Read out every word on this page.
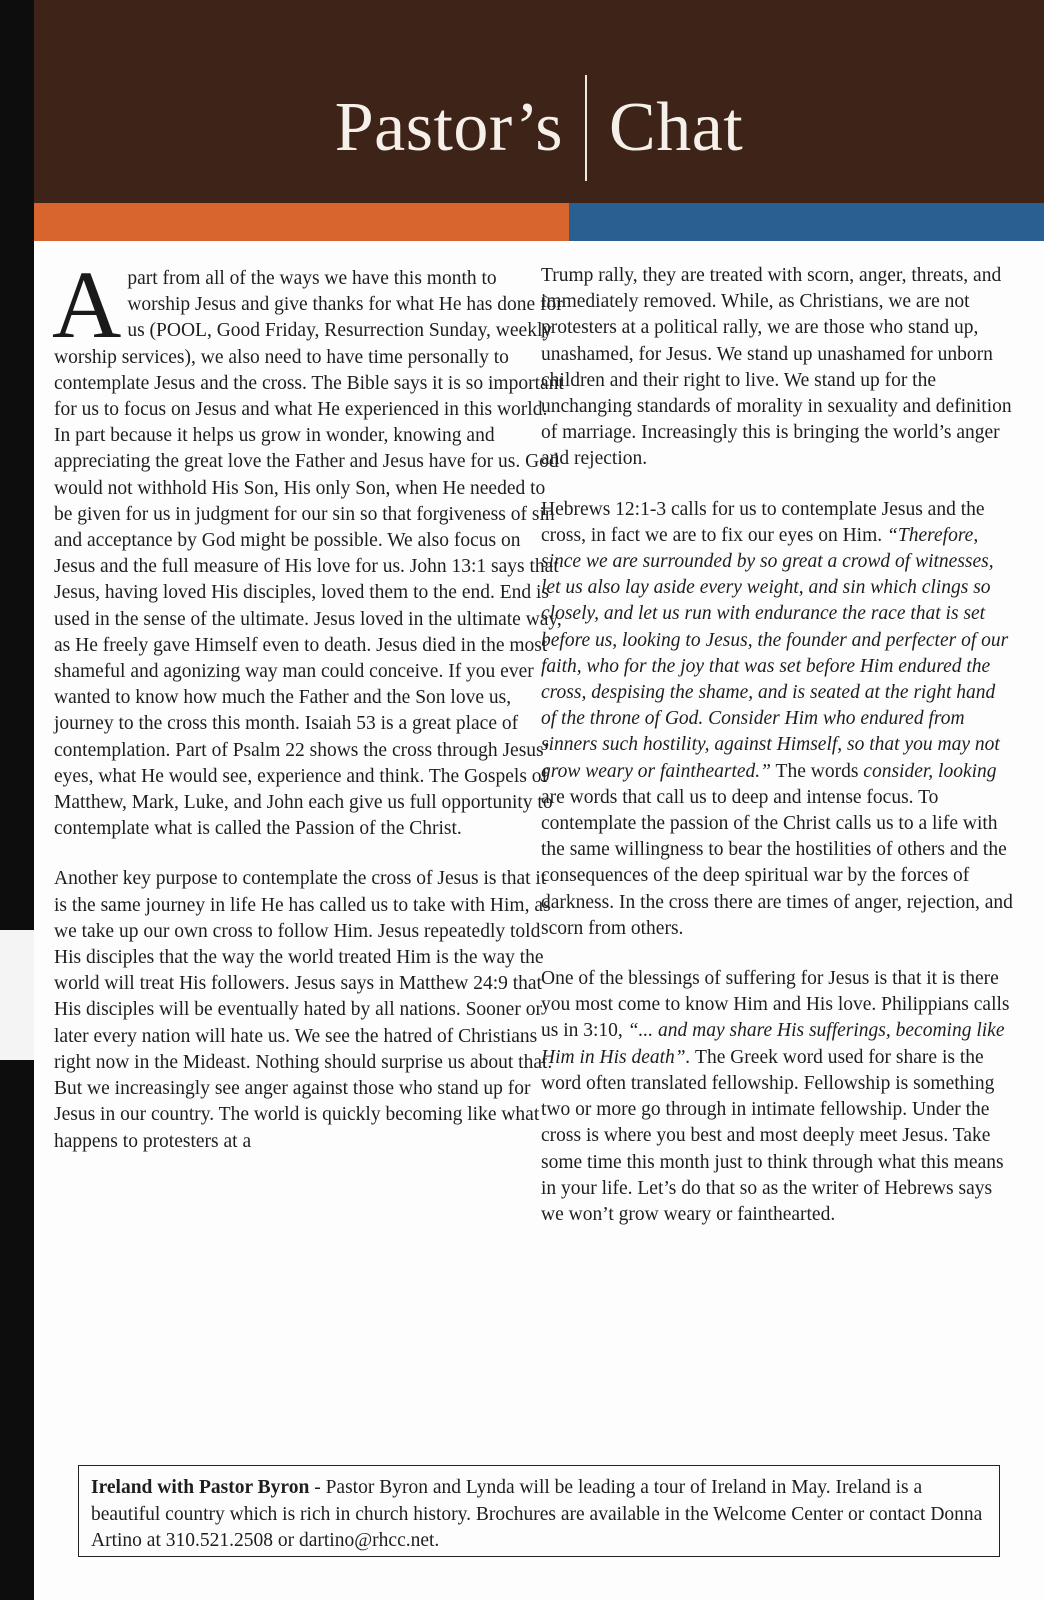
Pastor’s Chat

Apart from all of the ways we have this month to worship Jesus and give thanks for what He has done for us (POOL, Good Friday, Resurrection Sunday, weekly worship services), we also need to have time personally to contemplate Jesus and the cross. The Bible says it is so important for us to focus on Jesus and what He experienced in this world. In part because it helps us grow in wonder, knowing and appreciating the great love the Father and Jesus have for us. God would not withhold His Son, His only Son, when He needed to be given for us in judgment for our sin so that forgiveness of sin and acceptance by God might be possible. We also focus on Jesus and the full measure of His love for us. John 13:1 says that Jesus, having loved His disciples, loved them to the end. End is used in the sense of the ultimate. Jesus loved in the ultimate way, as He freely gave Himself even to death. Jesus died in the most shameful and agonizing way man could conceive. If you ever wanted to know how much the Father and the Son love us, journey to the cross this month. Isaiah 53 is a great place of contemplation. Part of Psalm 22 shows the cross through Jesus’ eyes, what He would see, experience and think. The Gospels of Matthew, Mark, Luke, and John each give us full opportunity to contemplate what is called the Passion of the Christ.

Another key purpose to contemplate the cross of Jesus is that it is the same journey in life He has called us to take with Him, as we take up our own cross to follow Him. Jesus repeatedly told His disciples that the way the world treated Him is the way the world will treat His followers. Jesus says in Matthew 24:9 that His disciples will be eventually hated by all nations. Sooner or later every nation will hate us. We see the hatred of Christians right now in the Mideast. Nothing should surprise us about that. But we increasingly see anger against those who stand up for Jesus in our country. The world is quickly becoming like what happens to protesters at a

Trump rally, they are treated with scorn, anger, threats, and immediately removed. While, as Christians, we are not protesters at a political rally, we are those who stand up, unashamed, for Jesus. We stand up unashamed for unborn children and their right to live. We stand up for the unchanging standards of morality in sexuality and definition of marriage. Increasingly this is bringing the world’s anger and rejection.

Hebrews 12:1-3 calls for us to contemplate Jesus and the cross, in fact we are to fix our eyes on Him. “Therefore, since we are surrounded by so great a crowd of witnesses, let us also lay aside every weight, and sin which clings so closely, and let us run with endurance the race that is set before us, looking to Jesus, the founder and perfecter of our faith, who for the joy that was set before Him endured the cross, despising the shame, and is seated at the right hand of the throne of God. Consider Him who endured from sinners such hostility, against Himself, so that you may not grow weary or fainthearted.” The words consider, looking are words that call us to deep and intense focus. To contemplate the passion of the Christ calls us to a life with the same willingness to bear the hostilities of others and the consequences of the deep spiritual war by the forces of darkness. In the cross there are times of anger, rejection, and scorn from others.

One of the blessings of suffering for Jesus is that it is there you most come to know Him and His love. Philippians calls us in 3:10, “... and may share His sufferings, becoming like Him in His death”. The Greek word used for share is the word often translated fellowship. Fellowship is something two or more go through in intimate fellowship. Under the cross is where you best and most deeply meet Jesus. Take some time this month just to think through what this means in your life. Let’s do that so as the writer of Hebrews says we won’t grow weary or fainthearted.

Ireland with Pastor Byron - Pastor Byron and Lynda will be leading a tour of Ireland in May. Ireland is a beautiful country which is rich in church history. Brochures are available in the Welcome Center or contact Donna Artino at 310.521.2508 or dartino@rhcc.net.
